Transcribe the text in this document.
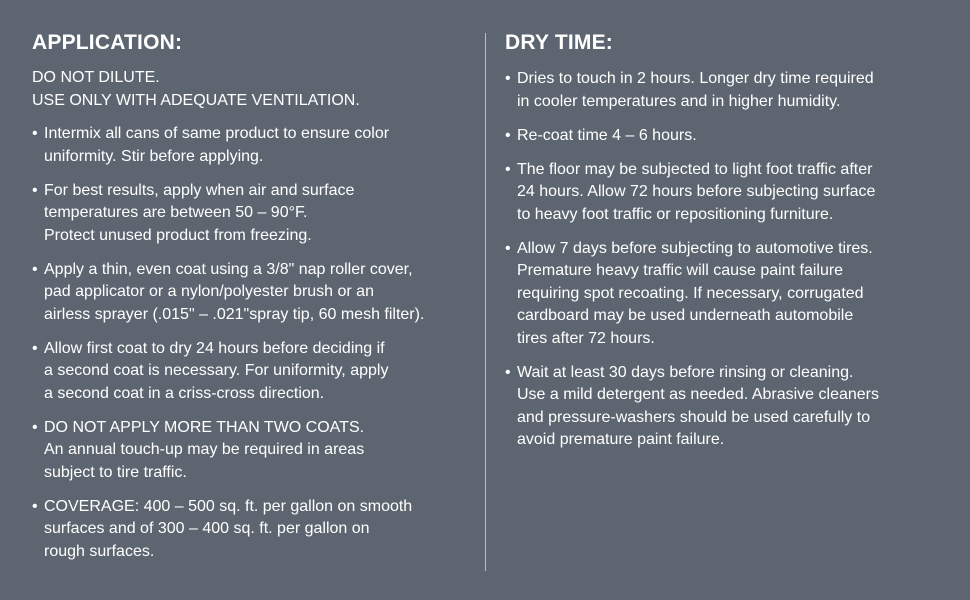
APPLICATION:
DO NOT DILUTE.
USE ONLY WITH ADEQUATE VENTILATION.
• Intermix all cans of same product to ensure color
uniformity. Stir before applying.
• For best results, apply when air and surface
temperatures are between 50 – 90°F.
Protect unused product from freezing.
• Apply a thin, even coat using a 3/8" nap roller cover,
pad applicator or a nylon/polyester brush or an
airless sprayer (.015" – .021"spray tip, 60 mesh filter).
• Allow first coat to dry 24 hours before deciding if
a second coat is necessary. For uniformity, apply
a second coat in a criss-cross direction.
• DO NOT APPLY MORE THAN TWO COATS.
An annual touch-up may be required in areas
subject to tire traffic.
• COVERAGE: 400 – 500 sq. ft. per gallon on smooth
surfaces and of 300 – 400 sq. ft. per gallon on
rough surfaces.
DRY TIME:
• Dries to touch in 2 hours. Longer dry time required
in cooler temperatures and in higher humidity.
• Re-coat time 4 – 6 hours.
• The floor may be subjected to light foot traffic after
24 hours. Allow 72 hours before subjecting surface
to heavy foot traffic or repositioning furniture.
• Allow 7 days before subjecting to automotive tires.
Premature heavy traffic will cause paint failure
requiring spot recoating. If necessary, corrugated
cardboard may be used underneath automobile
tires after 72 hours.
• Wait at least 30 days before rinsing or cleaning.
Use a mild detergent as needed. Abrasive cleaners
and pressure-washers should be used carefully to
avoid premature paint failure.
